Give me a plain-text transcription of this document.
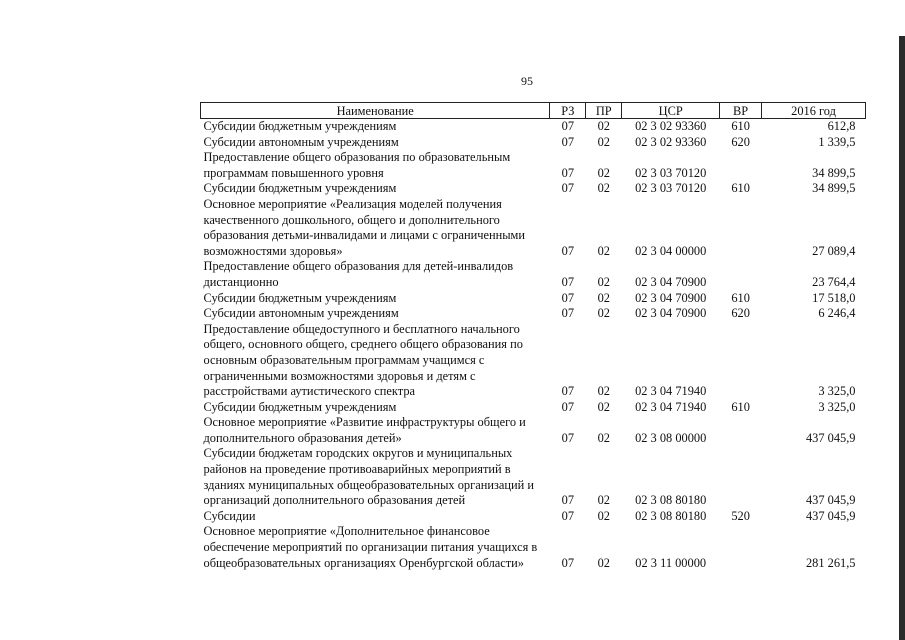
95
Наименование	РЗ	ПР	ЦСР	ВР	2016 год
Субсидии бюджетным учреждениям	07	02	02 3 02 93360	610	612,8
Субсидии автономным учреждениям	07	02	02 3 02 93360	620	1 339,5
Предоставление общего образования по образовательным
программам повышенного уровня	07	02	02 3 03 70120		34 899,5
Субсидии бюджетным учреждениям	07	02	02 3 03 70120	610	34 899,5
Основное мероприятие «Реализация моделей получения
качественного дошкольного, общего и дополнительного
образования детьми-инвалидами и лицами с ограниченными
возможностями здоровья»	07	02	02 3 04 00000		27 089,4
Предоставление общего образования для детей-инвалидов
дистанционно	07	02	02 3 04 70900		23 764,4
Субсидии бюджетным учреждениям	07	02	02 3 04 70900	610	17 518,0
Субсидии автономным учреждениям	07	02	02 3 04 70900	620	6 246,4
Предоставление общедоступного и бесплатного начального
общего, основного общего, среднего общего образования по
основным образовательным программам учащимся с
ограниченными возможностями здоровья и детям с
расстройствами аутистического спектра	07	02	02 3 04 71940		3 325,0
Субсидии бюджетным учреждениям	07	02	02 3 04 71940	610	3 325,0
Основное мероприятие «Развитие инфраструктуры общего и
дополнительного образования детей»	07	02	02 3 08 00000		437 045,9
Субсидии бюджетам городских округов и муниципальных
районов на проведение противоаварийных мероприятий в
зданиях муниципальных общеобразовательных организаций и
организаций дополнительного образования детей	07	02	02 3 08 80180		437 045,9
Субсидии	07	02	02 3 08 80180	520	437 045,9
Основное мероприятие «Дополнительное финансовое
обеспечение мероприятий по организации питания учащихся в
общеобразовательных организациях Оренбургской области»	07	02	02 3 11 00000		281 261,5
